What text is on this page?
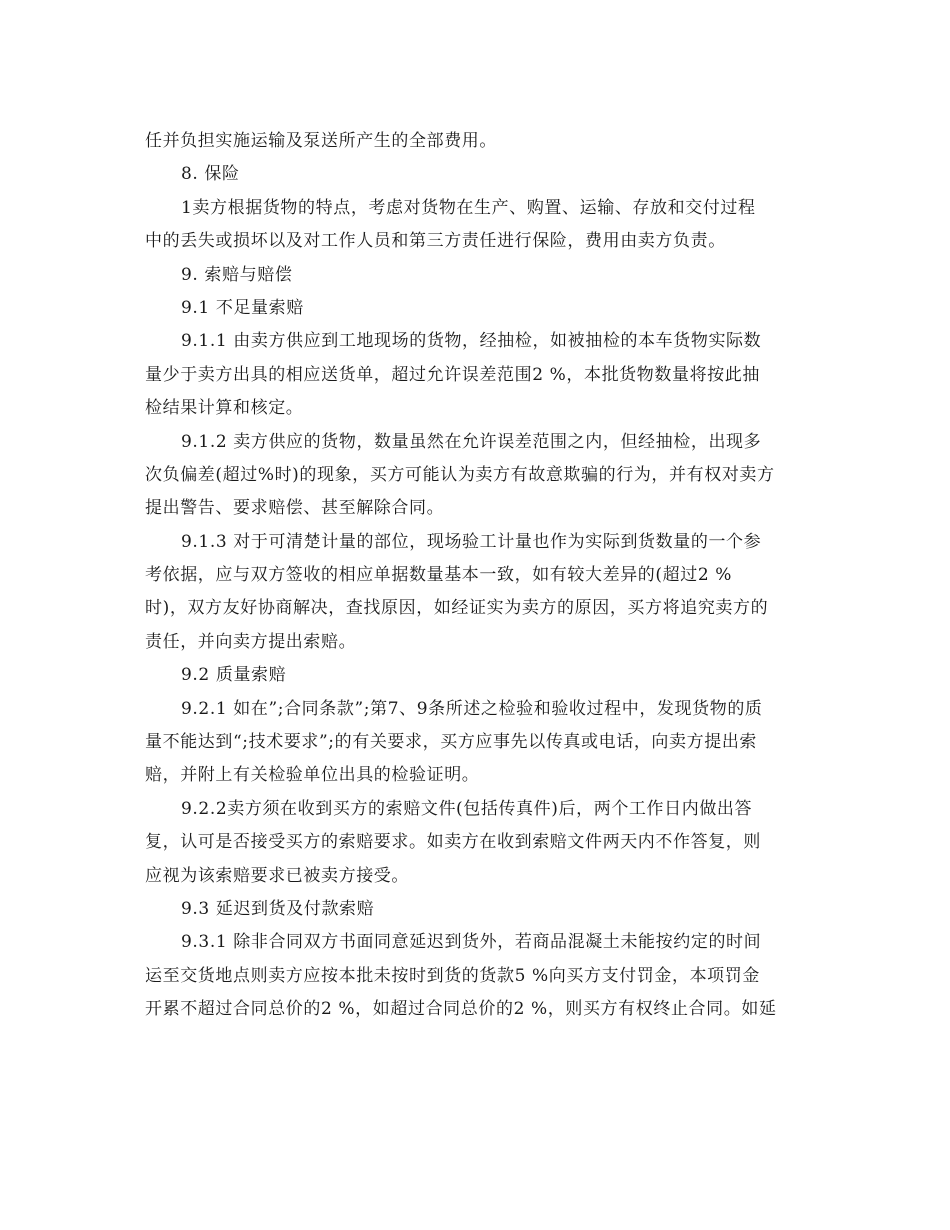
任并负担实施运输及泵送所产生的全部费用。
8. 保险
1卖方根据货物的特点，考虑对货物在生产、购置、运输、存放和交付过程
中的丢失或损坏以及对工作人员和第三方责任进行保险，费用由卖方负责。
9. 索赔与赔偿
9.1 不足量索赔
9.1.1 由卖方供应到工地现场的货物，经抽检，如被抽检的本车货物实际数
量少于卖方出具的相应送货单，超过允许误差范围2 %，本批货物数量将按此抽
检结果计算和核定。
9.1.2 卖方供应的货物，数量虽然在允许误差范围之内，但经抽检，出现多
次负偏差(超过%时)的现象，买方可能认为卖方有故意欺骗的行为，并有权对卖方
提出警告、要求赔偿、甚至解除合同。
9.1.3 对于可清楚计量的部位，现场验工计量也作为实际到货数量的一个参
考依据，应与双方签收的相应单据数量基本一致，如有较大差异的(超过2 %
时)，双方友好协商解决，查找原因，如经证实为卖方的原因，买方将追究卖方的
责任，并向卖方提出索赔。
9.2 质量索赔
9.2.1 如在”;合同条款”;第7、9条所述之检验和验收过程中，发现货物的质
量不能达到“;技术要求”;的有关要求，买方应事先以传真或电话，向卖方提出索
赔，并附上有关检验单位出具的检验证明。
9.2.2卖方须在收到买方的索赔文件(包括传真件)后，两个工作日内做出答
复，认可是否接受买方的索赔要求。如卖方在收到索赔文件两天内不作答复，则
应视为该索赔要求已被卖方接受。
9.3 延迟到货及付款索赔
9.3.1 除非合同双方书面同意延迟到货外，若商品混凝土未能按约定的时间
运至交货地点则卖方应按本批未按时到货的货款5 %向买方支付罚金，本项罚金
开累不超过合同总价的2 %，如超过合同总价的2 %，则买方有权终止合同。如延
